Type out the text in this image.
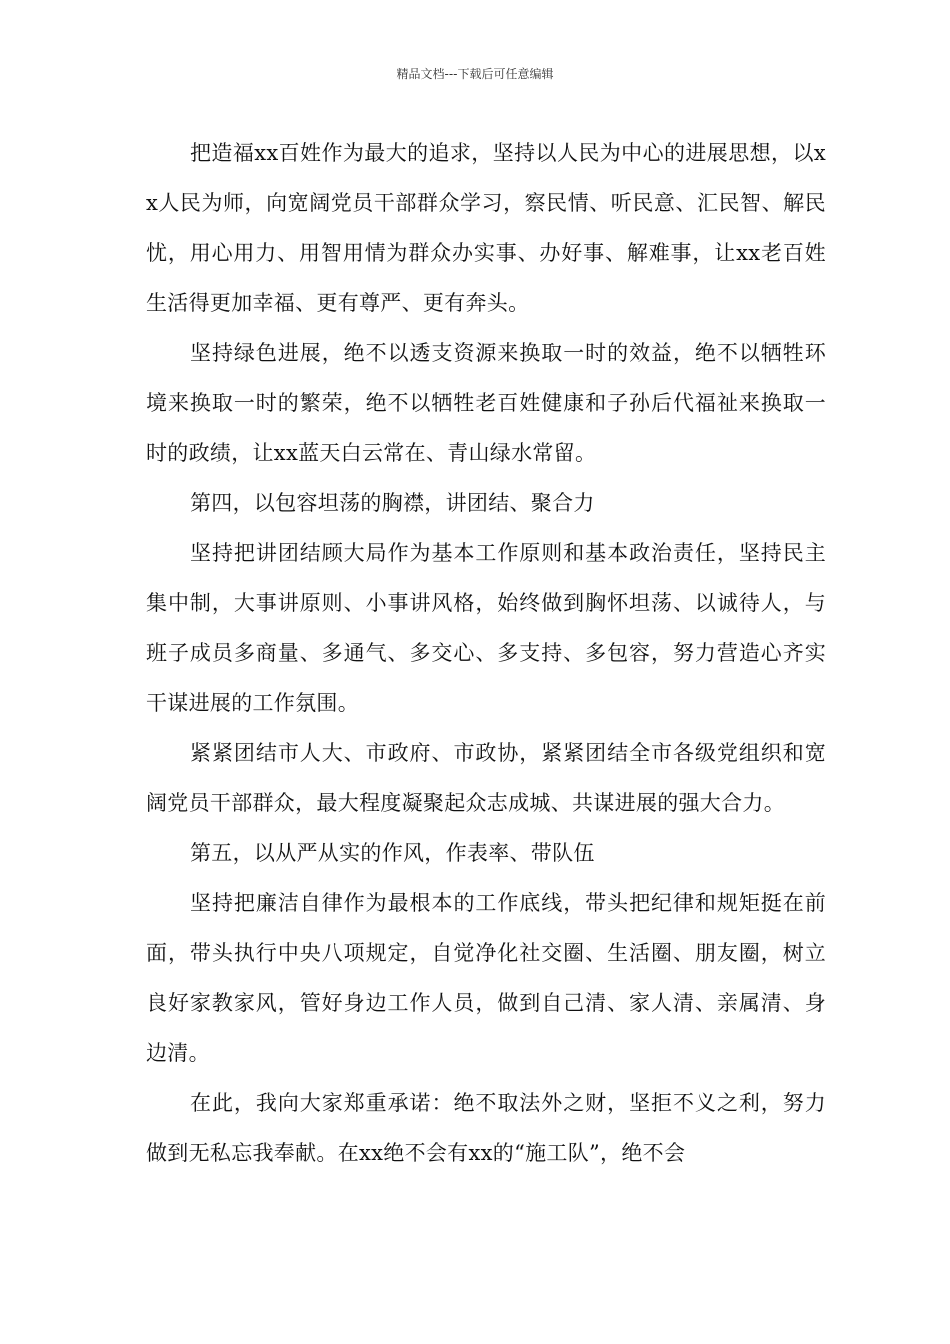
精品文档---下载后可任意编辑

把造福xx百姓作为最大的追求，坚持以人民为中心的进展思想，以xx人民为师，向宽阔党员干部群众学习，察民情、听民意、汇民智、解民忧，用心用力、用智用情为群众办实事、办好事、解难事，让xx老百姓生活得更加幸福、更有尊严、更有奔头。

坚持绿色进展，绝不以透支资源来换取一时的效益，绝不以牺牲环境来换取一时的繁荣，绝不以牺牲老百姓健康和子孙后代福祉来换取一时的政绩，让xx蓝天白云常在、青山绿水常留。

第四，以包容坦荡的胸襟，讲团结、聚合力

坚持把讲团结顾大局作为基本工作原则和基本政治责任，坚持民主集中制，大事讲原则、小事讲风格，始终做到胸怀坦荡、以诚待人，与班子成员多商量、多通气、多交心、多支持、多包容，努力营造心齐实干谋进展的工作氛围。

紧紧团结市人大、市政府、市政协，紧紧团结全市各级党组织和宽阔党员干部群众，最大程度凝聚起众志成城、共谋进展的强大合力。

第五，以从严从实的作风，作表率、带队伍

坚持把廉洁自律作为最根本的工作底线，带头把纪律和规矩挺在前面，带头执行中央八项规定，自觉净化社交圈、生活圈、朋友圈，树立良好家教家风，管好身边工作人员，做到自己清、家人清、亲属清、身边清。

在此，我向大家郑重承诺：绝不取法外之财，坚拒不义之利，努力做到无私忘我奉献。在xx绝不会有xx的“施工队”，绝不会
